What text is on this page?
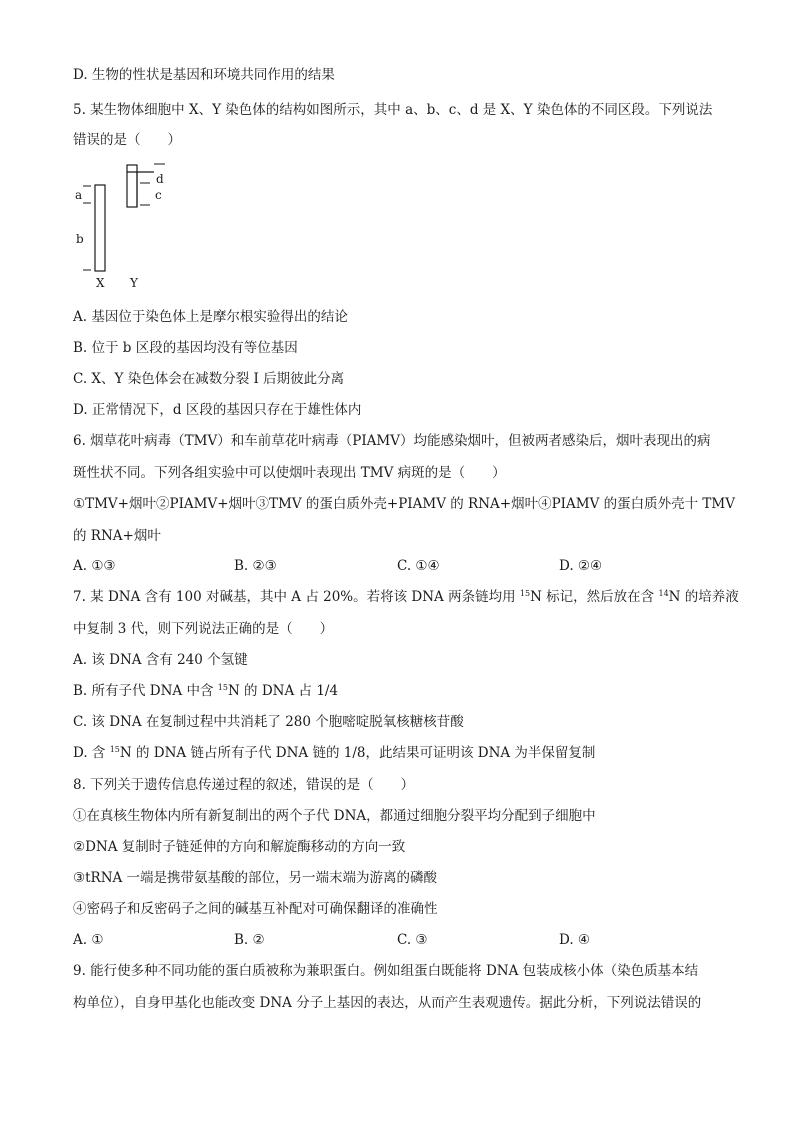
D. 生物的性状是基因和环境共同作用的结果
5. 某生物体细胞中 X、Y 染色体的结构如图所示，其中 a、b、c、d 是 X、Y 染色体的不同区段。下列说法
错误的是（　　）
a
b
d
c
X Y
A. 基因位于染色体上是摩尔根实验得出的结论
B. 位于 b 区段的基因均没有等位基因
C. X、Y 染色体会在减数分裂 I 后期彼此分离
D. 正常情况下，d 区段的基因只存在于雄性体内
6. 烟草花叶病毒（TMV）和车前草花叶病毒（PIAMV）均能感染烟叶，但被两者感染后，烟叶表现出的病
斑性状不同。下列各组实验中可以使烟叶表现出 TMV 病斑的是（　　）
①TMV+烟叶②PIAMV+烟叶③TMV 的蛋白质外壳+PIAMV 的 RNA+烟叶④PIAMV 的蛋白质外壳十 TMV
的 RNA+烟叶
A. ①③	B. ②③	C. ①④	D. ②④
7. 某 DNA 含有 100 对碱基，其中 A 占 20%。若将该 DNA 两条链均用 $^{15}$N 标记，然后放在含 $^{14}$N 的培养液
中复制 3 代，则下列说法正确的是（　　）
A. 该 DNA 含有 240 个氢键
B. 所有子代 DNA 中含 $^{15}$N 的 DNA 占 1/4
C. 该 DNA 在复制过程中共消耗了 280 个胞嘧啶脱氧核糖核苷酸
D. 含 $^{15}$N 的 DNA 链占所有子代 DNA 链的 1/8，此结果可证明该 DNA 为半保留复制
8. 下列关于遗传信息传递过程的叙述，错误的是（　　）
①在真核生物体内所有新复制出的两个子代 DNA，都通过细胞分裂平均分配到子细胞中
②DNA 复制时子链延伸的方向和解旋酶移动的方向一致
③tRNA 一端是携带氨基酸的部位，另一端末端为游离的磷酸
④密码子和反密码子之间的碱基互补配对可确保翻译的准确性
A. ①	B. ②	C. ③	D. ④
9. 能行使多种不同功能的蛋白质被称为兼职蛋白。例如组蛋白既能将 DNA 包装成核小体（染色质基本结
构单位），自身甲基化也能改变 DNA 分子上基因的表达，从而产生表观遗传。据此分析，下列说法错误的
